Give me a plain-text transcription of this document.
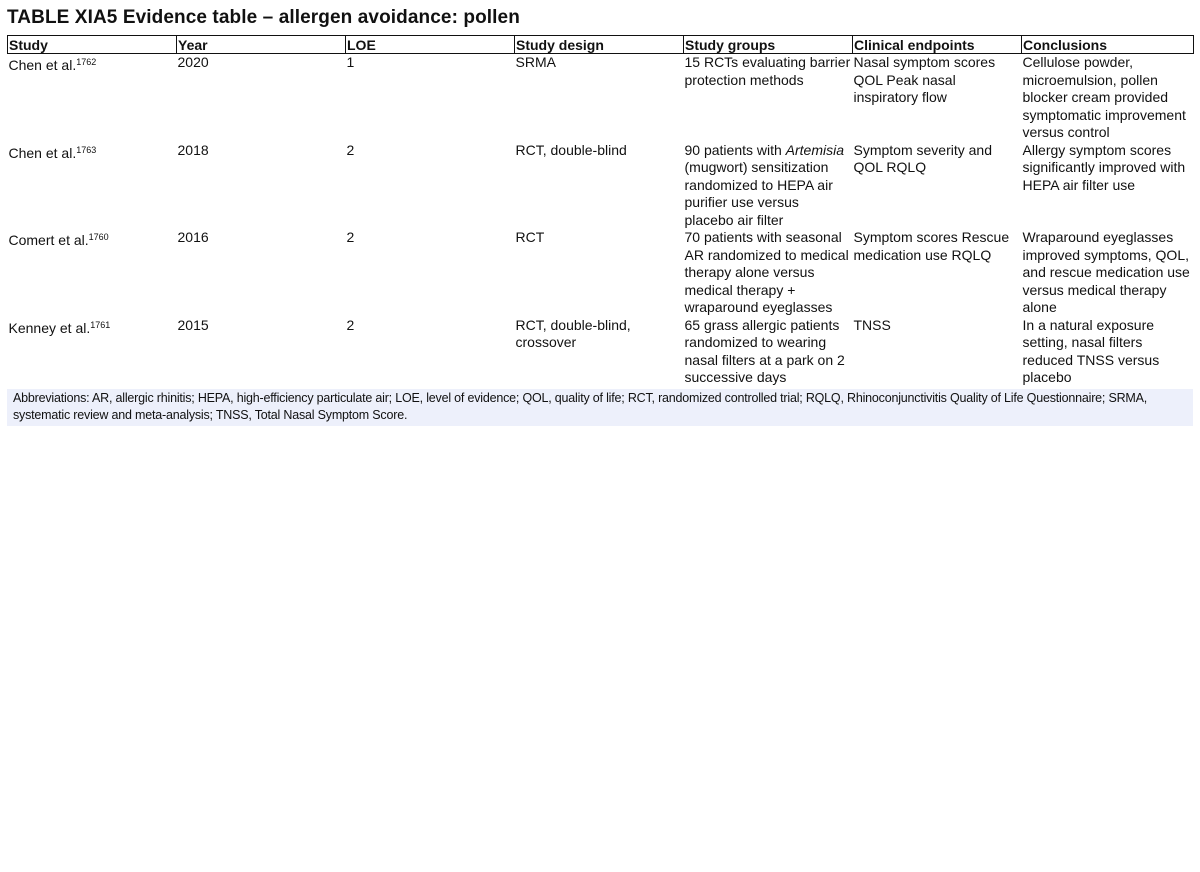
TABLE XIA5 Evidence table – allergen avoidance: pollen
Study	Year	LOE	Study design	Study groups	Clinical endpoints	Conclusions
Chen et al.$^{1762}$	2020	1	SRMA	15 RCTs evaluating barrier protection methods	Nasal symptom scores QOL Peak nasal inspiratory flow	Cellulose powder, microemulsion, pollen blocker cream provided symptomatic improvement versus control
Chen et al.$^{1763}$	2018	2	RCT, double-blind	90 patients with Artemisia (mugwort) sensitization randomized to HEPA air purifier use versus placebo air filter	Symptom severity and QOL RQLQ	Allergy symptom scores significantly improved with HEPA air filter use
Comert et al.$^{1760}$	2016	2	RCT	70 patients with seasonal AR randomized to medical therapy alone versus medical therapy + wraparound eyeglasses	Symptom scores Rescue medication use RQLQ	Wraparound eyeglasses improved symptoms, QOL, and rescue medication use versus medical therapy alone
Kenney et al.$^{1761}$	2015	2	RCT, double-blind, crossover	65 grass allergic patients randomized to wearing nasal filters at a park on 2 successive days	TNSS	In a natural exposure setting, nasal filters reduced TNSS versus placebo
Abbreviations: AR, allergic rhinitis; HEPA, high-efficiency particulate air; LOE, level of evidence; QOL, quality of life; RCT, randomized controlled trial; RQLQ, Rhinoconjunctivitis Quality of Life Questionnaire; SRMA, systematic review and meta-analysis; TNSS, Total Nasal Symptom Score.
